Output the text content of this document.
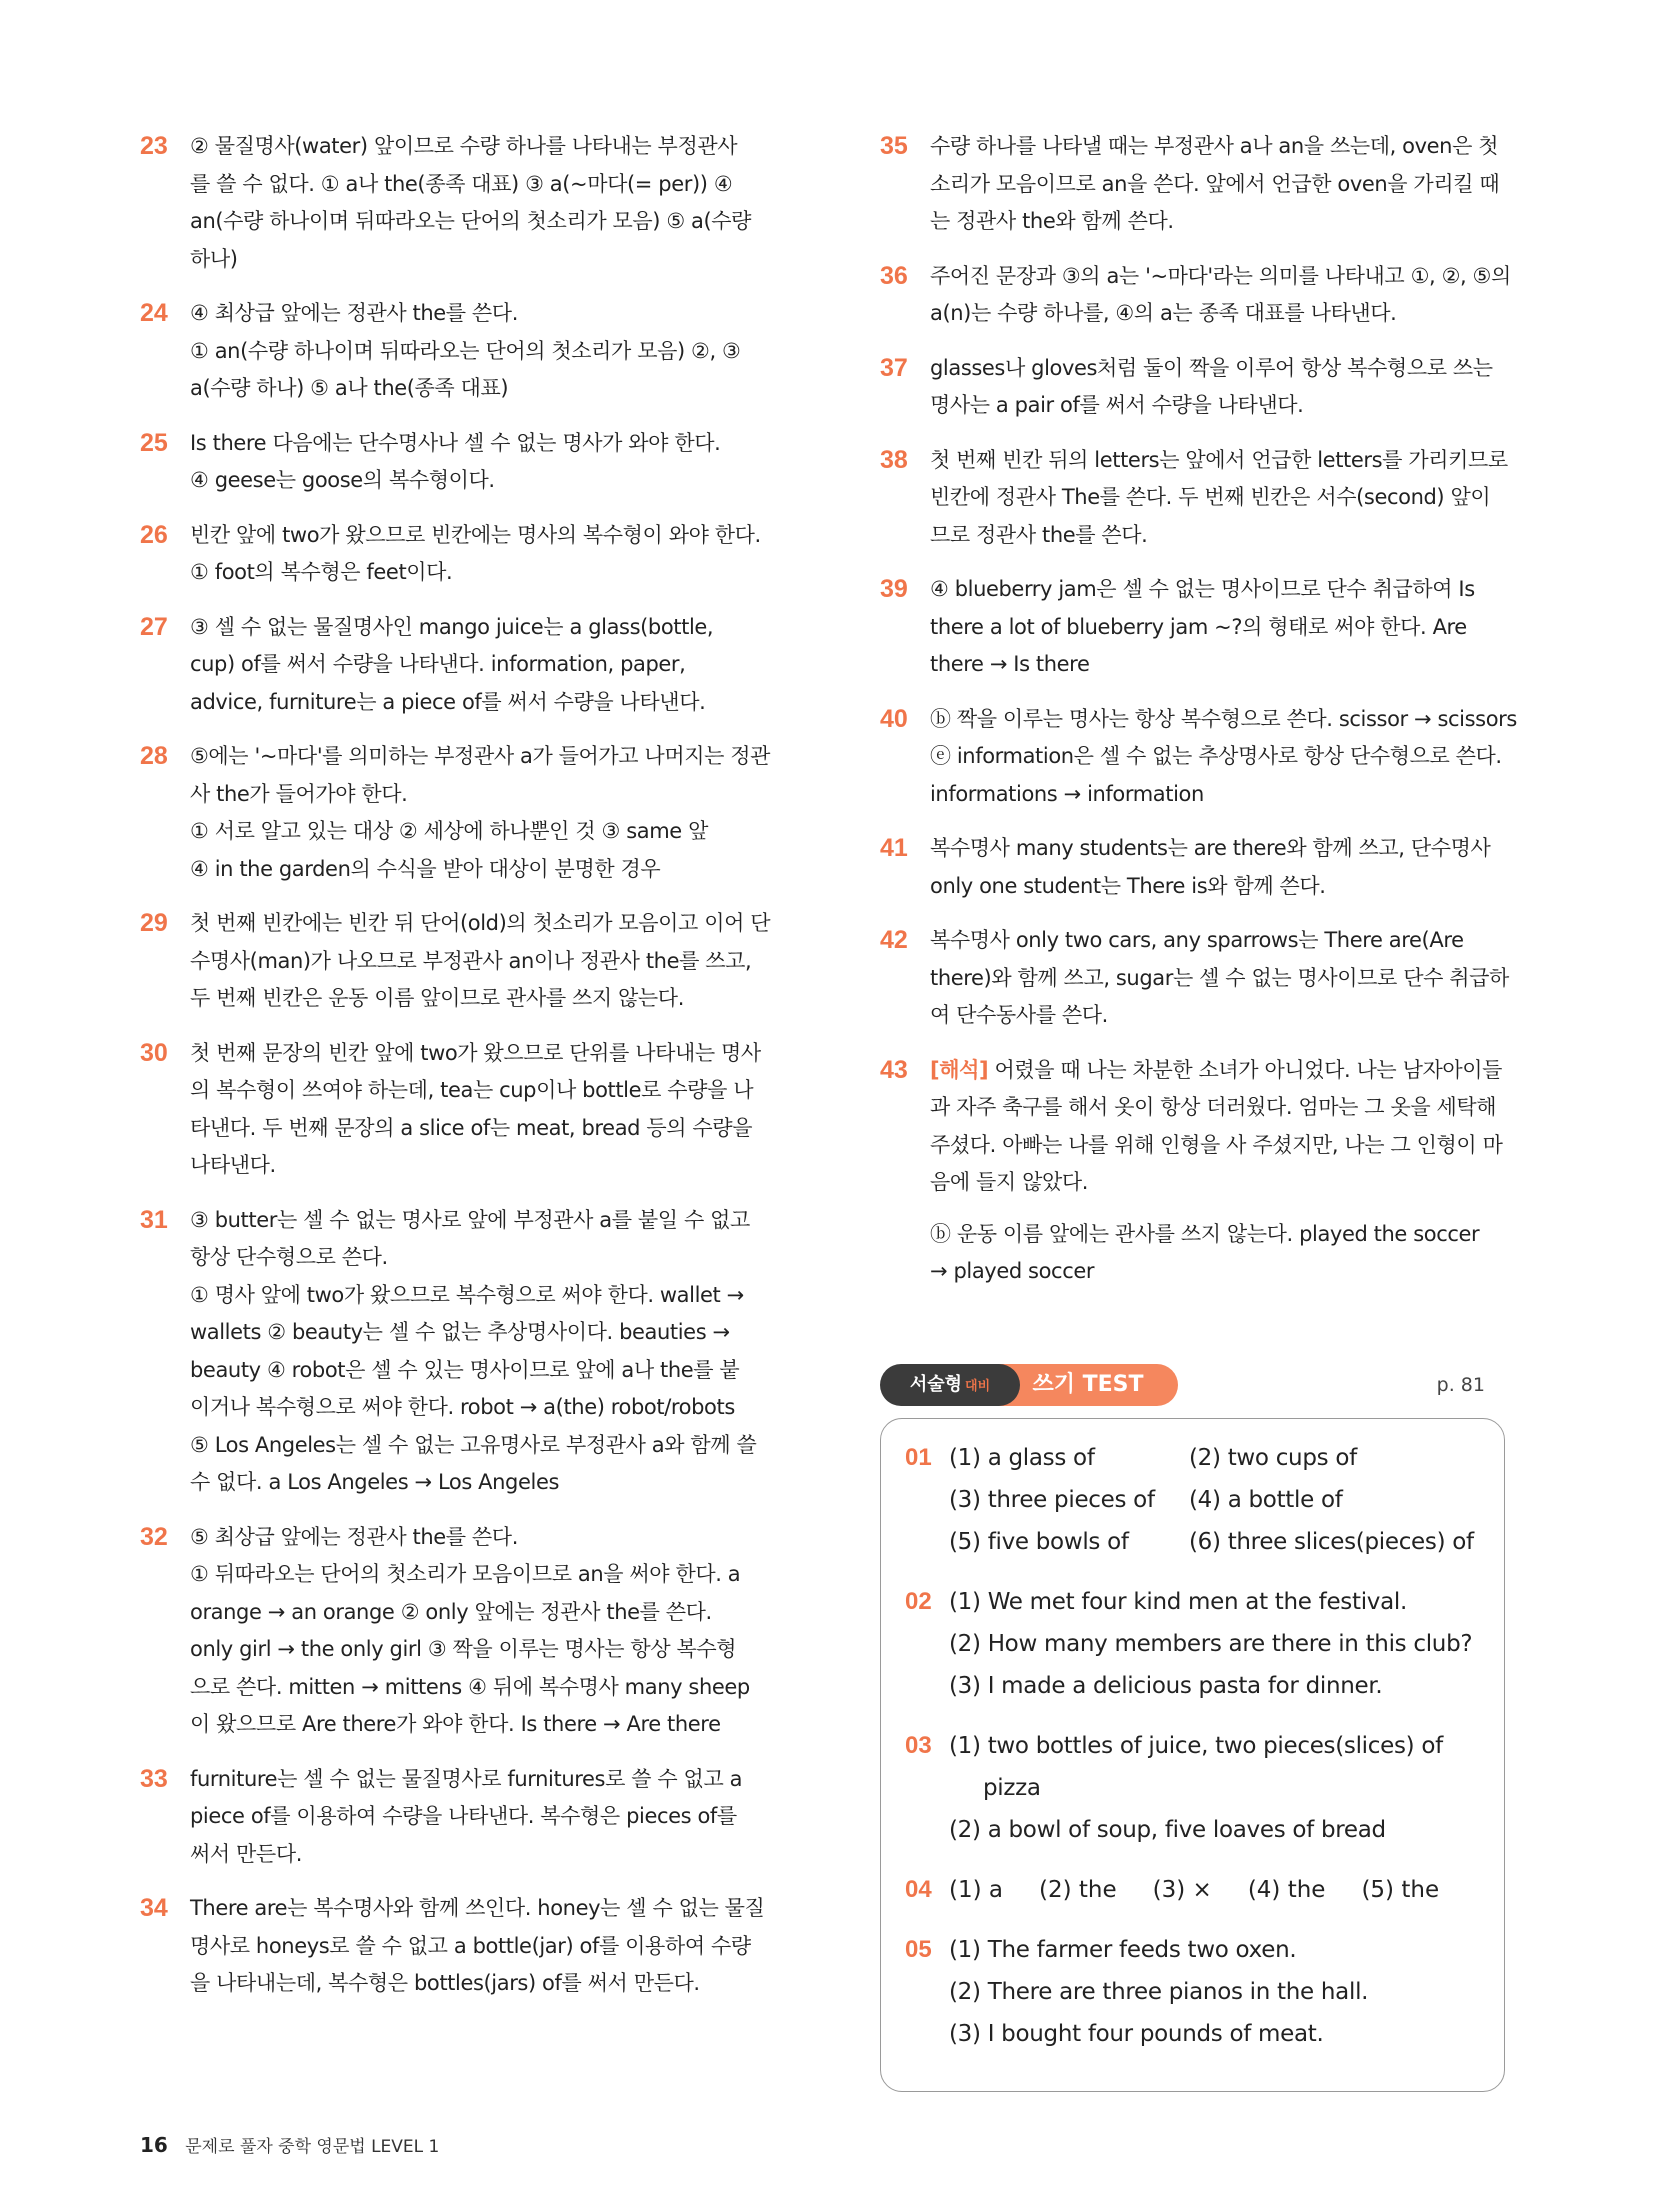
23 ② 물질명사(water) 앞이므로 수량 하나를 나타내는 부정관사
를 쓸 수 없다. ① a나 the(종족 대표) ③ a(~마다(= per)) ④
an(수량 하나이며 뒤따라오는 단어의 첫소리가 모음) ⑤ a(수량
하나)
24 ④ 최상급 앞에는 정관사 the를 쓴다.
① an(수량 하나이며 뒤따라오는 단어의 첫소리가 모음) ②, ③
a(수량 하나) ⑤ a나 the(종족 대표)
25 Is there 다음에는 단수명사나 셀 수 없는 명사가 와야 한다.
④ geese는 goose의 복수형이다.
26 빈칸 앞에 two가 왔으므로 빈칸에는 명사의 복수형이 와야 한다.
① foot의 복수형은 feet이다.
27 ③ 셀 수 없는 물질명사인 mango juice는 a glass(bottle,
cup) of를 써서 수량을 나타낸다. information, paper,
advice, furniture는 a piece of를 써서 수량을 나타낸다.
28 ⑤에는 '~마다'를 의미하는 부정관사 a가 들어가고 나머지는 정관
사 the가 들어가야 한다.
① 서로 알고 있는 대상 ② 세상에 하나뿐인 것 ③ same 앞
④ in the garden의 수식을 받아 대상이 분명한 경우
29 첫 번째 빈칸에는 빈칸 뒤 단어(old)의 첫소리가 모음이고 이어 단
수명사(man)가 나오므로 부정관사 an이나 정관사 the를 쓰고,
두 번째 빈칸은 운동 이름 앞이므로 관사를 쓰지 않는다.
30 첫 번째 문장의 빈칸 앞에 two가 왔으므로 단위를 나타내는 명사
의 복수형이 쓰여야 하는데, tea는 cup이나 bottle로 수량을 나
타낸다. 두 번째 문장의 a slice of는 meat, bread 등의 수량을
나타낸다.
31 ③ butter는 셀 수 없는 명사로 앞에 부정관사 a를 붙일 수 없고
항상 단수형으로 쓴다.
① 명사 앞에 two가 왔으므로 복수형으로 써야 한다. wallet →
wallets ② beauty는 셀 수 없는 추상명사이다. beauties →
beauty ④ robot은 셀 수 있는 명사이므로 앞에 a나 the를 붙
이거나 복수형으로 써야 한다. robot → a(the) robot/robots
⑤ Los Angeles는 셀 수 없는 고유명사로 부정관사 a와 함께 쓸
수 없다. a Los Angeles → Los Angeles
32 ⑤ 최상급 앞에는 정관사 the를 쓴다.
① 뒤따라오는 단어의 첫소리가 모음이므로 an을 써야 한다. a
orange → an orange ② only 앞에는 정관사 the를 쓴다.
only girl → the only girl ③ 짝을 이루는 명사는 항상 복수형
으로 쓴다. mitten → mittens ④ 뒤에 복수명사 many sheep
이 왔으므로 Are there가 와야 한다. Is there → Are there
33 furniture는 셀 수 없는 물질명사로 furnitures로 쓸 수 없고 a
piece of를 이용하여 수량을 나타낸다. 복수형은 pieces of를
써서 만든다.
34 There are는 복수명사와 함께 쓰인다. honey는 셀 수 없는 물질
명사로 honeys로 쓸 수 없고 a bottle(jar) of를 이용하여 수량
을 나타내는데, 복수형은 bottles(jars) of를 써서 만든다.
35 수량 하나를 나타낼 때는 부정관사 a나 an을 쓰는데, oven은 첫
소리가 모음이므로 an을 쓴다. 앞에서 언급한 oven을 가리킬 때
는 정관사 the와 함께 쓴다.
36 주어진 문장과 ③의 a는 '~마다'라는 의미를 나타내고 ①, ②, ⑤의
a(n)는 수량 하나를, ④의 a는 종족 대표를 나타낸다.
37 glasses나 gloves처럼 둘이 짝을 이루어 항상 복수형으로 쓰는
명사는 a pair of를 써서 수량을 나타낸다.
38 첫 번째 빈칸 뒤의 letters는 앞에서 언급한 letters를 가리키므로
빈칸에 정관사 The를 쓴다. 두 번째 빈칸은 서수(second) 앞이
므로 정관사 the를 쓴다.
39 ④ blueberry jam은 셀 수 없는 명사이므로 단수 취급하여 Is
there a lot of blueberry jam ~?의 형태로 써야 한다. Are
there → Is there
40 ⓑ 짝을 이루는 명사는 항상 복수형으로 쓴다. scissor → scissors
ⓔ information은 셀 수 없는 추상명사로 항상 단수형으로 쓴다.
informations → information
41 복수명사 many students는 are there와 함께 쓰고, 단수명사
only one student는 There is와 함께 쓴다.
42 복수명사 only two cars, any sparrows는 There are(Are
there)와 함께 쓰고, sugar는 셀 수 없는 명사이므로 단수 취급하
여 단수동사를 쓴다.
43 [해석] 어렸을 때 나는 차분한 소녀가 아니었다. 나는 남자아이들
과 자주 축구를 해서 옷이 항상 더러웠다. 엄마는 그 옷을 세탁해
주셨다. 아빠는 나를 위해 인형을 사 주셨지만, 나는 그 인형이 마
음에 들지 않았다.
ⓑ 운동 이름 앞에는 관사를 쓰지 않는다. played the soccer
→ played soccer
서술형 대비	쓰기 TEST	p. 81
01 (1) a glass of	(2) two cups of
(3) three pieces of	(4) a bottle of
(5) five bowls of	(6) three slices(pieces) of
02 (1) We met four kind men at the festival.
(2) How many members are there in this club?
(3) I made a delicious pasta for dinner.
03 (1) two bottles of juice, two pieces(slices) of
pizza
(2) a bowl of soup, five loaves of bread
04 (1) a (2) the (3) × (4) the (5) the
05 (1) The farmer feeds two oxen.
(2) There are three pianos in the hall.
(3) I bought four pounds of meat.
16 문제로 풀자 중학 영문법 LEVEL 1
